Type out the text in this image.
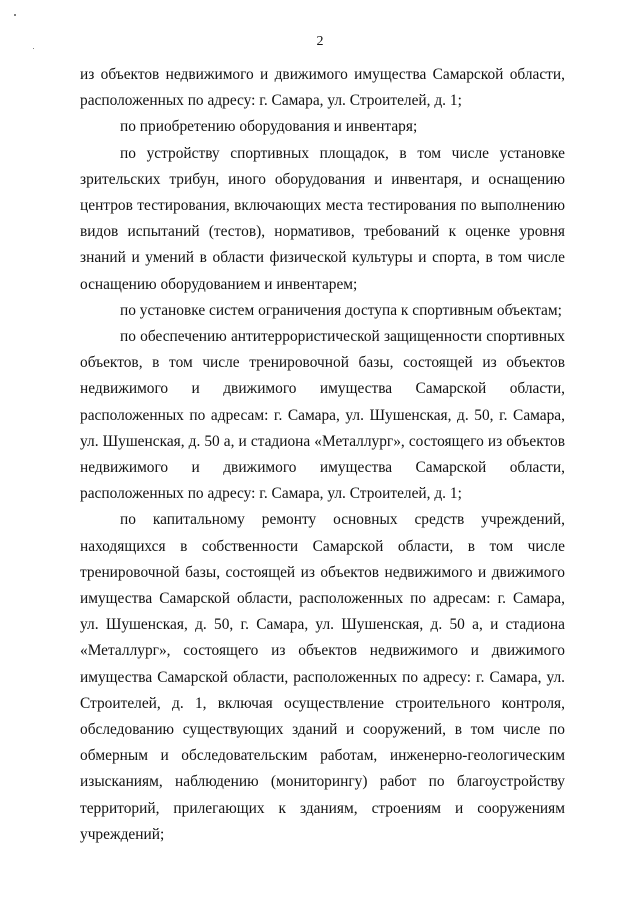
2

из объектов недвижимого и движимого имущества Самарской области, расположенных по адресу: г. Самара, ул. Строителей, д. 1;

по приобретению оборудования и инвентаря;

по устройству спортивных площадок, в том числе установке зрительских трибун, иного оборудования и инвентаря, и оснащению центров тестирования, включающих места тестирования по выполнению видов испытаний (тестов), нормативов, требований к оценке уровня знаний и умений в области физической культуры и спорта, в том числе оснащению оборудованием и инвентарем;

по установке систем ограничения доступа к спортивным объектам;

по обеспечению антитеррористической защищенности спортивных объектов, в том числе тренировочной базы, состоящей из объектов недвижимого и движимого имущества Самарской области, расположенных по адресам: г. Самара, ул. Шушенская, д. 50, г. Самара, ул. Шушенская, д. 50 а, и стадиона «Металлург», состоящего из объектов недвижимого и движимого имущества Самарской области, расположенных по адресу: г. Самара, ул. Строителей, д. 1;

по капитальному ремонту основных средств учреждений, находящихся в собственности Самарской области, в том числе тренировочной базы, состоящей из объектов недвижимого и движимого имущества Самарской области, расположенных по адресам: г. Самара, ул. Шушенская, д. 50, г. Самара, ул. Шушенская, д. 50 а, и стадиона «Металлург», состоящего из объектов недвижимого и движимого имущества Самарской области, расположенных по адресу: г. Самара, ул. Строителей, д. 1, включая осуществление строительного контроля, обследованию существующих зданий и сооружений, в том числе по обмерным и обследовательским работам, инженерно-геологическим изысканиям, наблюдению (мониторингу) работ по благоустройству территорий, прилегающих к зданиям, строениям и сооружениям учреждений;
